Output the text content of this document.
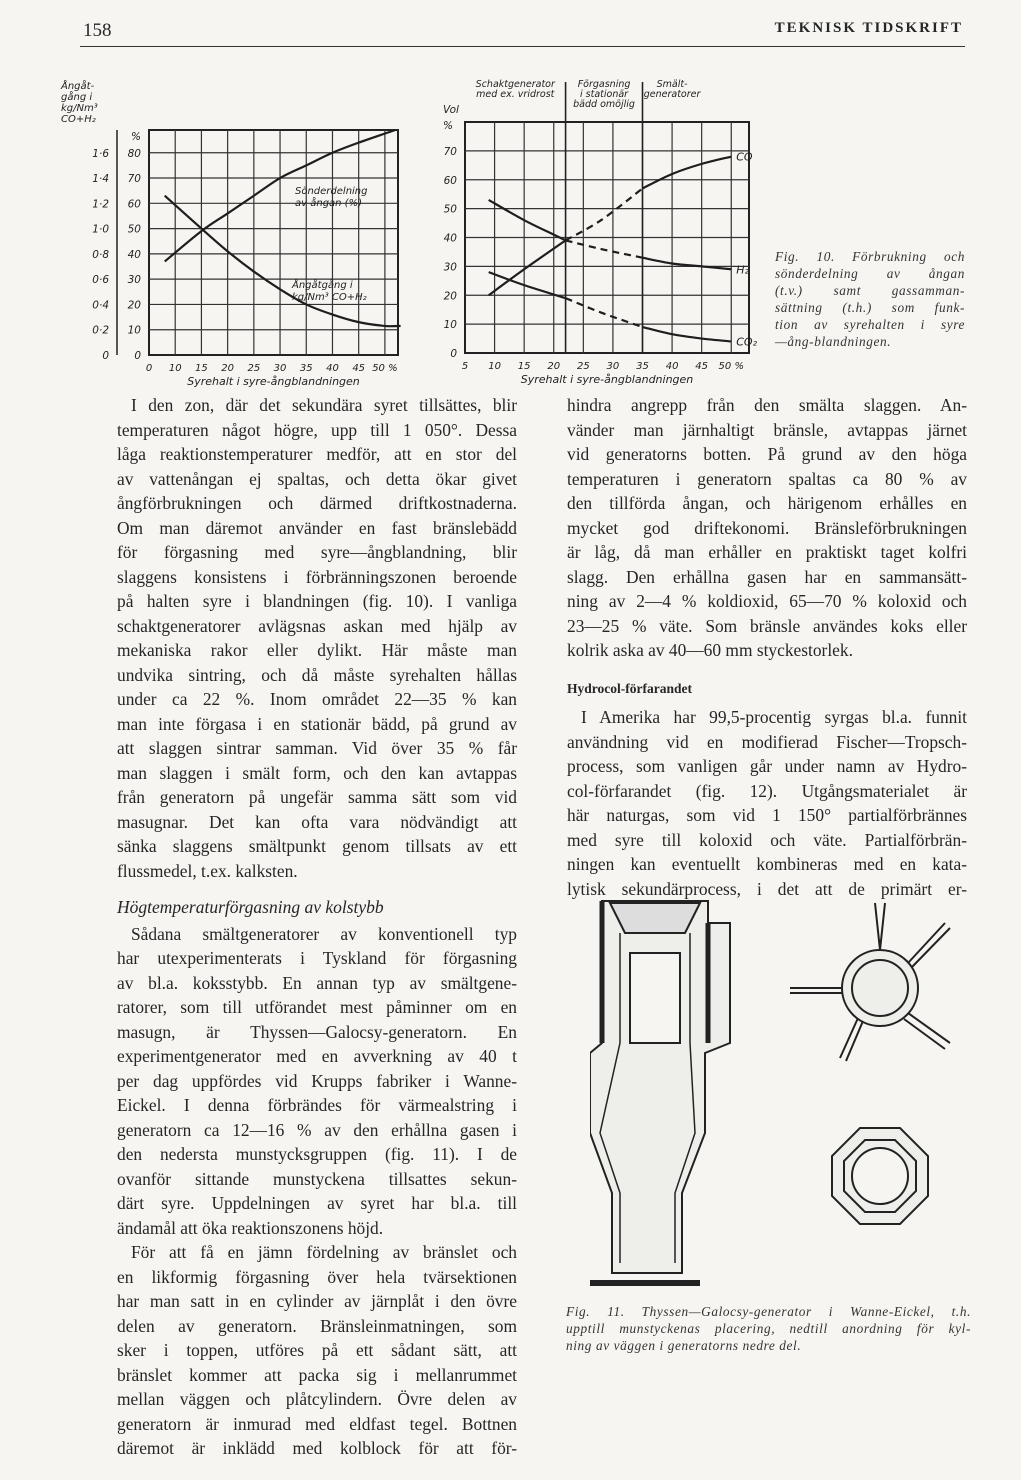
158	TEKNISK TIDSKRIFT
0 10 15 20 25 30 35 40 45 50 %
0
10
20
30
40
50
60
70
80
Syrehalt i syre-ångblandningen
%
0
0·2
0·4
0·6
0·8
1·0
1·2
1·4
1·6
Ångåt-
gång i
kg/Nm³
CO+H₂
Sönderdelning
av ångan (%)
Ångåtgång i
kg/Nm³ CO+H₂
5 10 15 20 25 30 35 40 45 50 %
0
10
20
30
40
50
60
70
Syrehalt i syre-ångblandningen
Vol
%
Schaktgenerator
med ex. vridrost
Förgasning
i stationär
bädd omöjlig
Smält-
generatorer
CO
H₂
CO₂
Fig. 10. Förbrukning och
sönderdelning av ångan
(t.v.) samt gassamman-
sättning (t.h.) som funk-
tion av syrehalten i syre
—ång-blandningen.
I den zon, där det sekundära syret tillsättes, blir
temperaturen något högre, upp till 1 050°. Dessa
låga reaktionstemperaturer medför, att en stor del
av vattenångan ej spaltas, och detta ökar givet
ångförbrukningen och därmed driftkostnaderna.
Om man däremot använder en fast bränslebädd
för förgasning med syre—ångblandning, blir
slaggens konsistens i förbränningszonen beroende
på halten syre i blandningen (fig. 10). I vanliga
schaktgeneratorer avlägsnas askan med hjälp av
mekaniska rakor eller dylikt. Här måste man
undvika sintring, och då måste syrehalten hållas
under ca 22 %. Inom området 22—35 % kan
man inte förgasa i en stationär bädd, på grund av
att slaggen sintrar samman. Vid över 35 % får
man slaggen i smält form, och den kan avtappas
från generatorn på ungefär samma sätt som vid
masugnar. Det kan ofta vara nödvändigt att
sänka slaggens smältpunkt genom tillsats av ett
flussmedel, t.ex. kalksten.
Högtemperaturförgasning av kolstybb
Sådana smältgeneratorer av konventionell typ
har utexperimenterats i Tyskland för förgasning
av bl.a. koksstybb. En annan typ av smältgene-
ratorer, som till utförandet mest påminner om en
masugn, är Thyssen—Galocsy-generatorn. En
experimentgenerator med en avverkning av 40 t
per dag uppfördes vid Krupps fabriker i Wanne-
Eickel. I denna förbrändes för värmealstring i
generatorn ca 12—16 % av den erhållna gasen i
den nedersta munstycksgruppen (fig. 11). I de
ovanför sittande munstyckena tillsattes sekun-
därt syre. Uppdelningen av syret har bl.a. till
ändamål att öka reaktionszonens höjd.
För att få en jämn fördelning av bränslet och
en likformig förgasning över hela tvärsektionen
har man satt in en cylinder av järnplåt i den övre
delen av generatorn. Bränsleinmatningen, som
sker i toppen, utföres på ett sådant sätt, att
bränslet kommer att packa sig i mellanrummet
mellan väggen och plåtcylindern. Övre delen av
generatorn är inmurad med eldfast tegel. Bottnen
däremot är inklädd med kolblock för att för-
hindra angrepp från den smälta slaggen. An-
vänder man järnhaltigt bränsle, avtappas järnet
vid generatorns botten. På grund av den höga
temperaturen i generatorn spaltas ca 80 % av
den tillförda ångan, och härigenom erhålles en
mycket god driftekonomi. Bränsleförbrukningen
är låg, då man erhåller en praktiskt taget kolfri
slagg. Den erhållna gasen har en sammansätt-
ning av 2—4 % koldioxid, 65—70 % koloxid och
23—25 % väte. Som bränsle användes koks eller
kolrik aska av 40—60 mm styckestorlek.
Hydrocol-förfarandet
I Amerika har 99,5-procentig syrgas bl.a. funnit
användning vid en modifierad Fischer—Tropsch-
process, som vanligen går under namn av Hydro-
col-förfarandet (fig. 12). Utgångsmaterialet är
här naturgas, som vid 1 150° partialförbrännes
med syre till koloxid och väte. Partialförbrän-
ningen kan eventuellt kombineras med en kata-
lytisk sekundärprocess, i det att de primärt er-
Fig. 11. Thyssen—Galocsy-generator i Wanne-Eickel, t.h.
upptill munstyckenas placering, nedtill anordning för kyl-
ning av väggen i generatorns nedre del.
